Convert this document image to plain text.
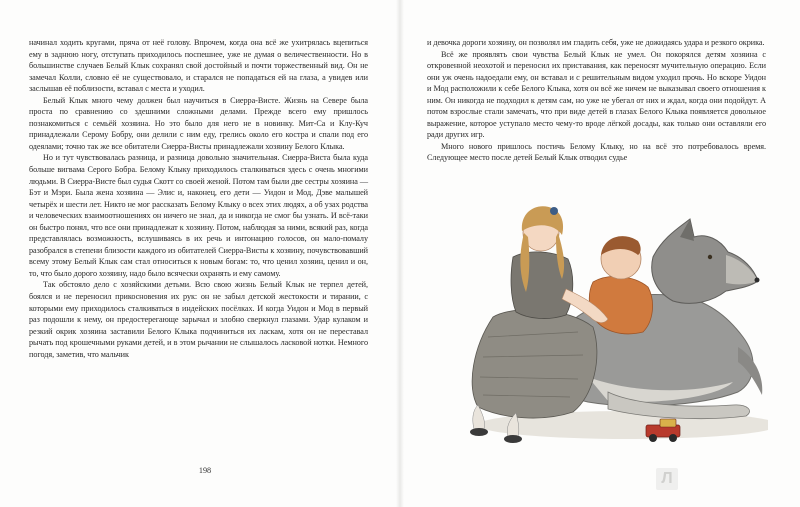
начинал ходить кругами, пряча от неё голову. Впрочем, когда она всё же ухитрялась вцепиться ему в заднюю ногу, отступать приходилось поспешнее, уже не думая о величественности. Но в большинстве случаев Белый Клык сохранял свой достойный и почти торжественный вид. Он не замечал Колли, словно её не существовало, и старался не попадаться ей на глаза, а увидев или заслышав её поблизости, вставал с места и уходил.

Белый Клык много чему должен был научиться в Сиерра-Висте. Жизнь на Севере была проста по сравнению со здешними сложными делами. Прежде всего ему пришлось познакомиться с семьёй хозяина. Но это было для него не в новинку. Мит-Са и Клу-Куч принадлежали Серому Бобру, они делили с ним еду, грелись около его костра и спали под его одеялами; точно так же все обитатели Сиерра-Висты принадлежали хозяину Белого Клыка.

Но и тут чувствовалась разница, и разница довольно значительная. Сиерра-Виста была куда больше вигвама Серого Бобра. Белому Клыку приходилось сталкиваться здесь с очень многими людьми. В Сиерра-Висте был судья Скотт со своей женой. Потом там были две сестры хозяина — Бэт и Мэри. Была жена хозяина — Элис и, наконец, его дети — Уидон и Мод, Дэве малышей четырёх и шести лет. Никто не мог рассказать Белому Клыку о всех этих людях, а об узах родства и человеческих взаимоотношениях он ничего не знал, да и никогда не смог бы узнать. И всё-таки он быстро понял, что все они принадлежат к хозяину. Потом, наблюдая за ними, всякий раз, когда представлялась возможность, вслушиваясь в их речь и интонацию голосов, он мало-помалу разобрался в степени близости каждого из обитателей Сиерра-Висты к хозяину, почувствовавший всему этому Белый Клык сам стал относиться к новым богам: то, что ценил хозяин, ценил и он, то, что было дорого хозяину, надо было всячески охранять и ему самому.

Так обстояло дело с хозяйскими детьми. Всю свою жизнь Белый Клык не терпел детей, боялся и не переносил прикосновения их рук: он не забыл детской жестокости и тирании, с которыми ему приходилось сталкиваться в индейских посёлках. И когда Уидон и Мод в первый раз подошли к нему, он предостерегающе зарычал и злобно сверкнул глазами. Удар кулаком и резкий окрик хозяина заставили Белого Клыка подчиниться их ласкам, хотя он не переставал рычать под крошечными руками детей, и в этом рычании не слышалось ласковой нотки. Немного погодя, заметив, что мальчик

198

и девочка дороги хозяину, он позволял им гладить себя, уже не дожидаясь удара и резкого окрика.

Всё же проявлять свои чувства Белый Клык не умел. Он покорялся детям хозяина с откровенной неохотой и переносил их приставания, как переносят мучительную операцию. Если они уж очень надоедали ему, он вставал и с решительным видом уходил прочь. Но вскоре Уидон и Мод расположили к себе Белого Клыка, хотя он всё же ничем не выказывал своего отношения к ним. Он никогда не подходил к детям сам, но уже не убегал от них и ждал, когда они подойдут. А потом взрослые стали замечать, что при виде детей в глазах Белого Клыка появляется довольное выражение, которое уступало место чему-то вроде лёгкой досады, как только они оставляли его ради других игр.

Много нового пришлось постичь Белому Клыку, но на всё это потребовалось время. Следующее место после детей Белый Клык отводил судье

Л
